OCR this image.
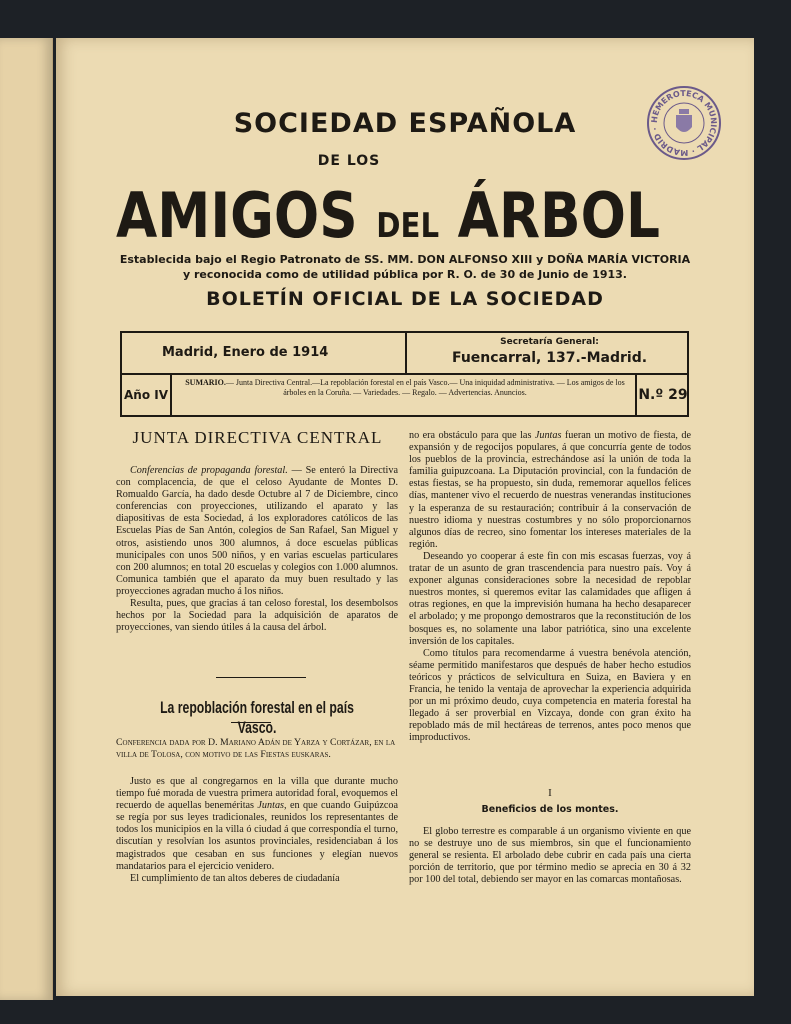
SOCIEDAD ESPAÑOLA
DE LOS
AMIGOS DEL ÁRBOL
Establecida bajo el Regio Patronato de SS. MM. DON ALFONSO XIII y DOÑA MARÍA VICTORIA
y reconocida como de utilidad pública por R. O. de 30 de Junio de 1913.
BOLETÍN OFICIAL DE LA SOCIEDAD
HEMEROTECA MUNICIPAL · MADRID ·
Madrid, Enero de 1914
Secretaría General:
Fuencarral, 137.-Madrid.
Año IV
SUMARIO.— Junta Directiva Central.—La repoblación forestal en el país Vasco.— Una iniquidad administrativa. — Los amigos de los árboles en la Coruña. — Variedades. — Regalo. — Advertencias. Anuncios.	N.º 29
JUNTA DIRECTIVA CENTRAL

Conferencias de propaganda forestal. — Se enteró la Directiva con complacencia, de que el celoso Ayudante de Montes D. Romualdo García, ha dado desde Octubre al 7 de Diciembre, cinco conferencias con proyecciones, utilizando el aparato y las diapositivas de esta Sociedad, á los exploradores católicos de las Escuelas Pías de San Antón, colegios de San Rafael, San Miguel y otros, asistiendo unos 300 alumnos, á doce escuelas públicas municipales con unos 500 niños, y en varias escuelas particulares con 200 alumnos; en total 20 escuelas y colegios con 1.000 alumnos. Comunica también que el aparato da muy buen resultado y las proyecciones agradan mucho á los niños.

Resulta, pues, que gracias á tan celoso forestal, los desembolsos hechos por la Sociedad para la adquisición de aparatos de proyecciones, van siendo útiles á la causa del árbol.

La repoblación forestal en el país Vasco.
Conferencia dada por D. Mariano Adán de Yarza y Cortázar, en la villa de Tolosa, con motivo de las Fiestas euskaras.

Justo es que al congregarnos en la villa que durante mucho tiempo fué morada de vuestra primera autoridad foral, evoquemos el recuerdo de aquellas beneméritas Juntas, en que cuando Guipúzcoa se regía por sus leyes tradicionales, reunidos los representantes de todos los municipios en la villa ó ciudad á que correspondía el turno, discutían y resolvían los asuntos provinciales, residenciaban á los magistrados que cesaban en sus funciones y elegían nuevos mandatarios para el ejercicio venidero.

El cumplimiento de tan altos deberes de ciudadanía

no era obstáculo para que las Juntas fueran un motivo de fiesta, de expansión y de regocijos populares, á que concurría gente de todos los pueblos de la provincia, estrechándose así la unión de toda la familia guipuzcoana. La Diputación provincial, con la fundación de estas fiestas, se ha propuesto, sin duda, rememorar aquellos felices días, mantener vivo el recuerdo de nuestras venerandas instituciones y la esperanza de su restauración; contribuir á la conservación de nuestro idioma y nuestras costumbres y no sólo proporcionarnos algunos días de recreo, sino fomentar los intereses materiales de la región.

Deseando yo cooperar á este fin con mis escasas fuerzas, voy á tratar de un asunto de gran trascendencia para nuestro país. Voy á exponer algunas consideraciones sobre la necesidad de repoblar nuestros montes, si queremos evitar las calamidades que afligen á otras regiones, en que la imprevisión humana ha hecho desaparecer el arbolado; y me propongo demostraros que la reconstitución de los bosques es, no solamente una labor patriótica, sino una excelente inversión de los capitales.

Como títulos para recomendarme á vuestra benévola atención, séame permitido manifestaros que después de haber hecho estudios teóricos y prácticos de selvicultura en Suiza, en Baviera y en Francia, he tenido la ventaja de aprovechar la experiencia adquirida por un mi próximo deudo, cuya competencia en materia forestal ha llegado á ser proverbial en Vizcaya, donde con gran éxito ha repoblado más de mil hectáreas de terrenos, antes poco menos que improductivos.

I
Beneficios de los montes.

El globo terrestre es comparable á un organismo viviente en que no se destruye uno de sus miembros, sin que el funcionamiento general se resienta. El arbolado debe cubrir en cada país una cierta porción de territorio, que por término medio se aprecia en 30 á 32 por 100 del total, debiendo ser mayor en las comarcas montañosas.
